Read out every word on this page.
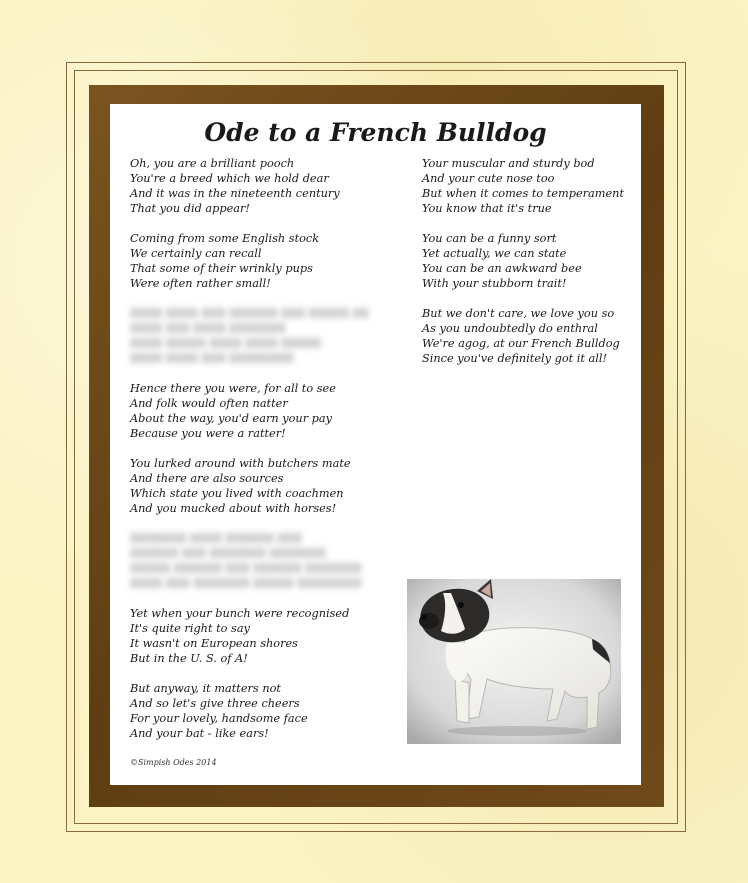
Ode to a French Bulldog
Oh, you are a brilliant pooch
You're a breed which we hold dear
And it was in the nineteenth century
That you did appear!
Coming from some English stock
We certainly can recall
That some of their wrinkly pups
Were often rather small!
XXXX XXXX XXX XXXXXX XXX XXXXX XX
XXXX XXX XXXX XXXXXXX
XXXX XXXXX XXXX XXXX XXXXX
XXXX XXXX XXX XXXXXXXX
Hence there you were, for all to see
And folk would often natter
About the way, you'd earn your pay
Because you were a ratter!
You lurked around with butchers mate
And there are also sources
Which state you lived with coachmen
And you mucked about with horses!
XXXXXXX XXXX XXXXXX XXX
XXXXXX XXX XXXXXXX XXXXXXX
XXXXX XXXXXX XXX XXXXXX XXXXXXX
XXXX XXX XXXXXXX XXXXX XXXXXXXX
Yet when your bunch were recognised
It's quite right to say
It wasn't on European shores
But in the U. S. of A!
But anyway, it matters not
And so let's give three cheers
For your lovely, handsome face
And your bat - like ears!
Your muscular and sturdy bod
And your cute nose too
But when it comes to temperament
You know that it's true
You can be a funny sort
Yet actually, we can state
You can be an awkward bee
With your stubborn trait!
But we don't care, we love you so
As you undoubtedly do enthral
We're agog, at our French Bulldog
Since you've definitely got it all!
©Simpish Odes 2014
